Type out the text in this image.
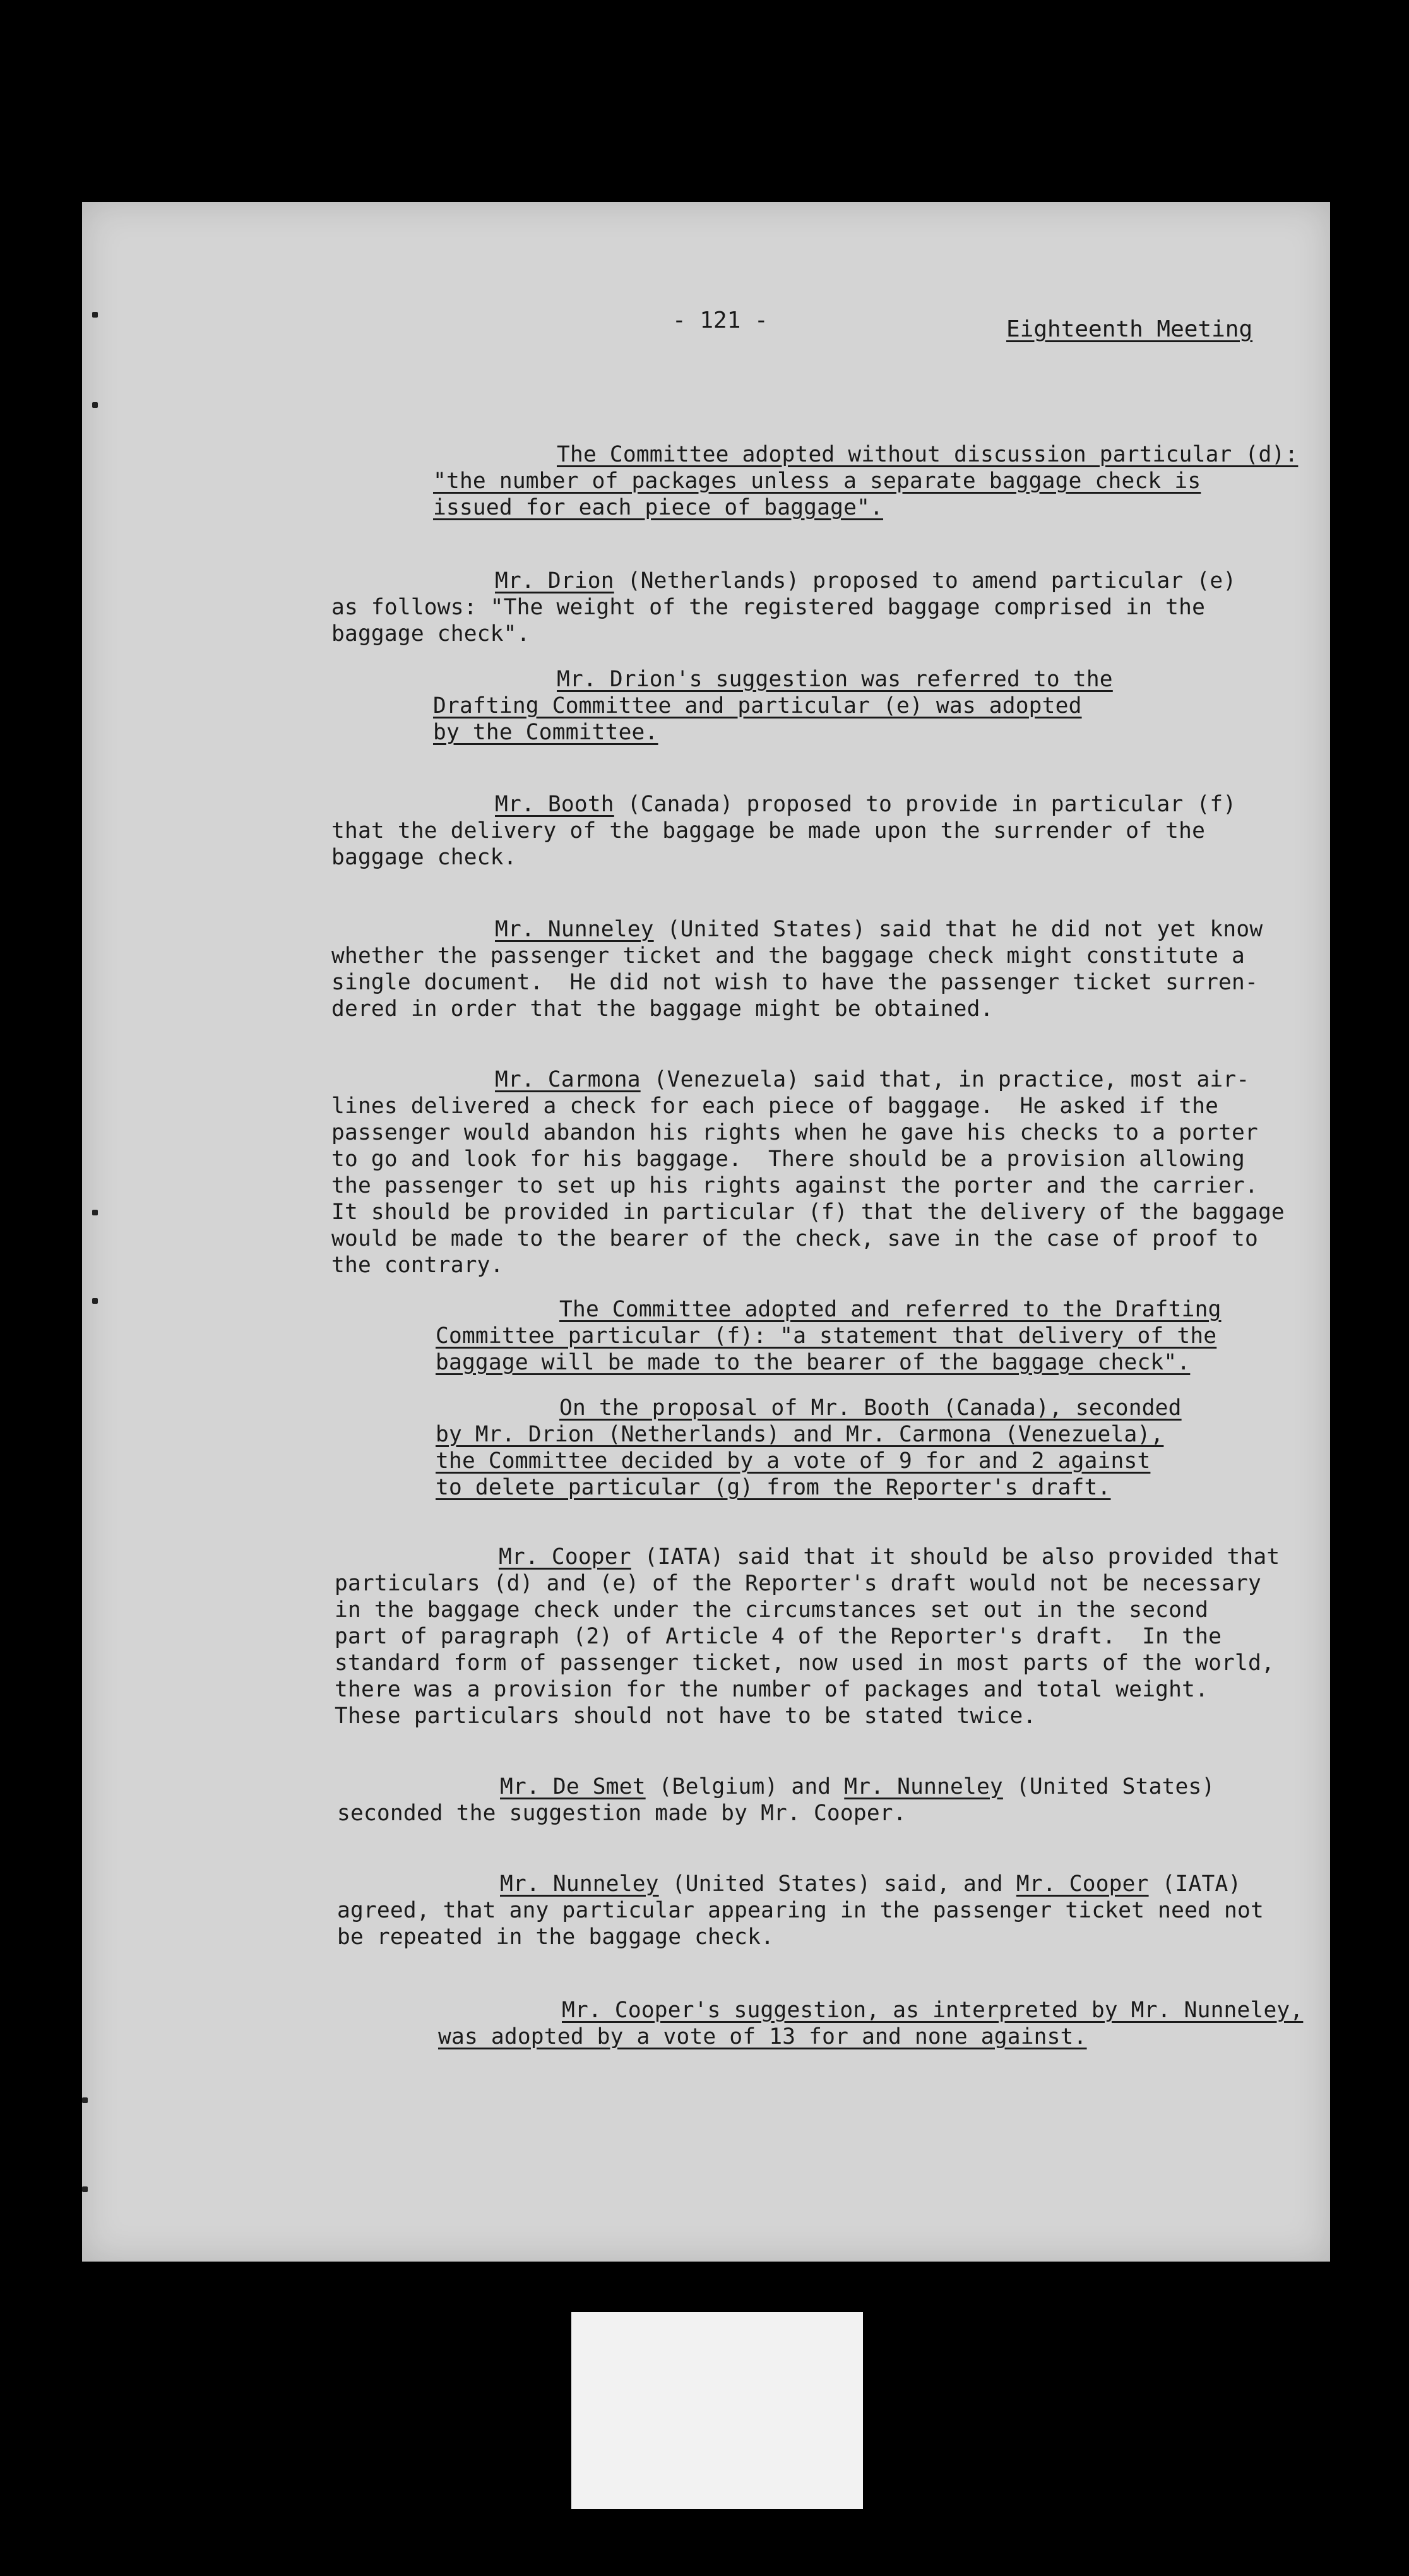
- 121 -	Eighteenth Meeting
The Committee adopted without discussion particular (d):
"the number of packages unless a separate baggage check is
issued for each piece of baggage".
Mr. Drion (Netherlands) proposed to amend particular (e)
as follows: "The weight of the registered baggage comprised in the
baggage check".
Mr. Drion's suggestion was referred to the
Drafting Committee and particular (e) was adopted
by the Committee.
Mr. Booth (Canada) proposed to provide in particular (f)
that the delivery of the baggage be made upon the surrender of the
baggage check.
Mr. Nunneley (United States) said that he did not yet know
whether the passenger ticket and the baggage check might constitute a
single document.  He did not wish to have the passenger ticket surren-
dered in order that the baggage might be obtained.
Mr. Carmona (Venezuela) said that, in practice, most air-
lines delivered a check for each piece of baggage.  He asked if the
passenger would abandon his rights when he gave his checks to a porter
to go and look for his baggage.  There should be a provision allowing
the passenger to set up his rights against the porter and the carrier.
It should be provided in particular (f) that the delivery of the baggage
would be made to the bearer of the check, save in the case of proof to
the contrary.
The Committee adopted and referred to the Drafting
Committee particular (f): "a statement that delivery of the
baggage will be made to the bearer of the baggage check".
On the proposal of Mr. Booth (Canada), seconded
by Mr. Drion (Netherlands) and Mr. Carmona (Venezuela),
the Committee decided by a vote of 9 for and 2 against
to delete particular (g) from the Reporter's draft.
Mr. Cooper (IATA) said that it should be also provided that
particulars (d) and (e) of the Reporter's draft would not be necessary
in the baggage check under the circumstances set out in the second
part of paragraph (2) of Article 4 of the Reporter's draft.  In the
standard form of passenger ticket, now used in most parts of the world,
there was a provision for the number of packages and total weight.
These particulars should not have to be stated twice.
Mr. De Smet (Belgium) and Mr. Nunneley (United States)
seconded the suggestion made by Mr. Cooper.
Mr. Nunneley (United States) said, and Mr. Cooper (IATA)
agreed, that any particular appearing in the passenger ticket need not
be repeated in the baggage check.
Mr. Cooper's suggestion, as interpreted by Mr. Nunneley,
was adopted by a vote of 13 for and none against.
